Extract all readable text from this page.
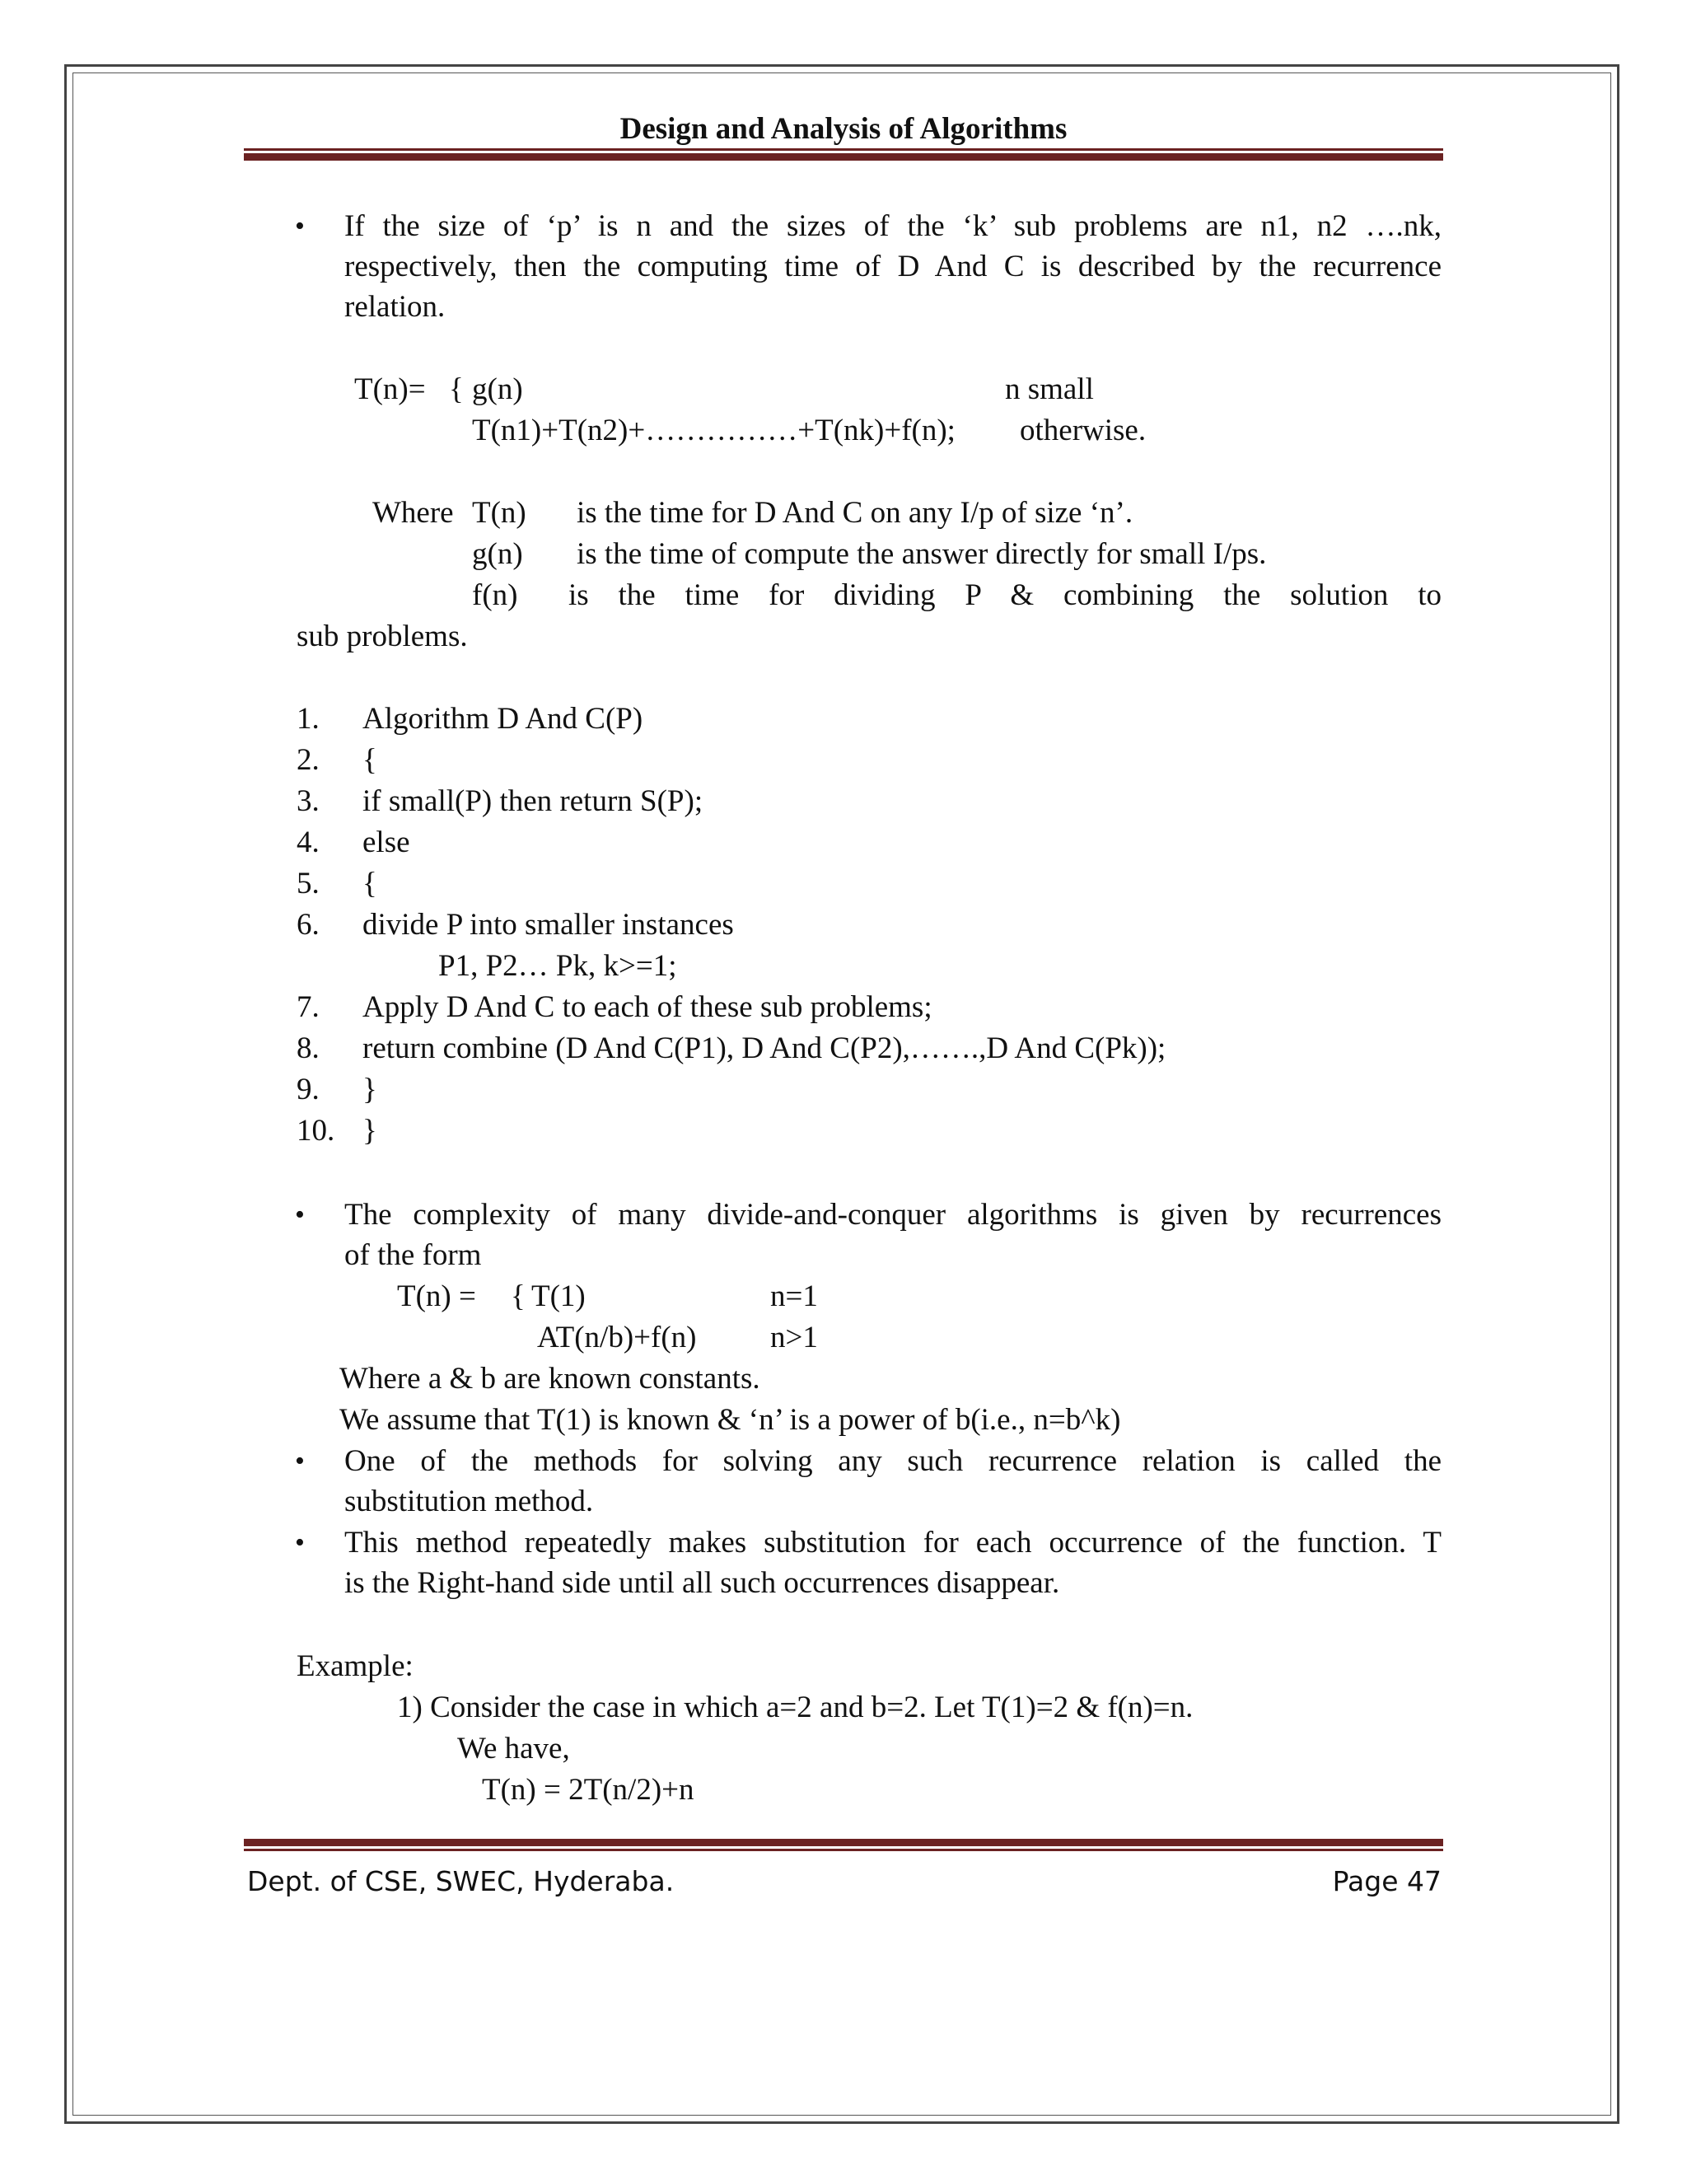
Design and Analysis of Algorithms
• If the size of ‘p’ is n and the sizes of the ‘k’ sub problems are n1, n2 ….nk,
respectively, then the computing time of D And C is described by the recurrence
relation.
T(n)= { g(n)	n small
T(n1)+T(n2)+……………+T(nk)+f(n); otherwise.
Where T(n) is the time for D And C on any I/p of size ‘n’.
g(n) is the time of compute the answer directly for small I/ps.
f(n) is the time for dividing P & combining the solution to
sub problems.
1. Algorithm D And C(P)
2. {
3. if small(P) then return S(P);
4. else
5. {
6. divide P into smaller instances
P1, P2… Pk, k>=1;
7. Apply D And C to each of these sub problems;
8. return combine (D And C(P1), D And C(P2),…….,D And C(Pk));
9. }
10. }
• The complexity of many divide-and-conquer algorithms is given by recurrences
of the form
T(n) = { T(1)	n=1
AT(n/b)+f(n) n>1
Where a & b are known constants.
We assume that T(1) is known & ‘n’ is a power of b(i.e., n=b^k)
• One of the methods for solving any such recurrence relation is called the
substitution method.
• This method repeatedly makes substitution for each occurrence of the function. T
is the Right-hand side until all such occurrences disappear.
Example:
1) Consider the case in which a=2 and b=2. Let T(1)=2 & f(n)=n.
We have,
T(n) = 2T(n/2)+n
Dept. of CSE, SWEC, Hyderaba.	Page 47
